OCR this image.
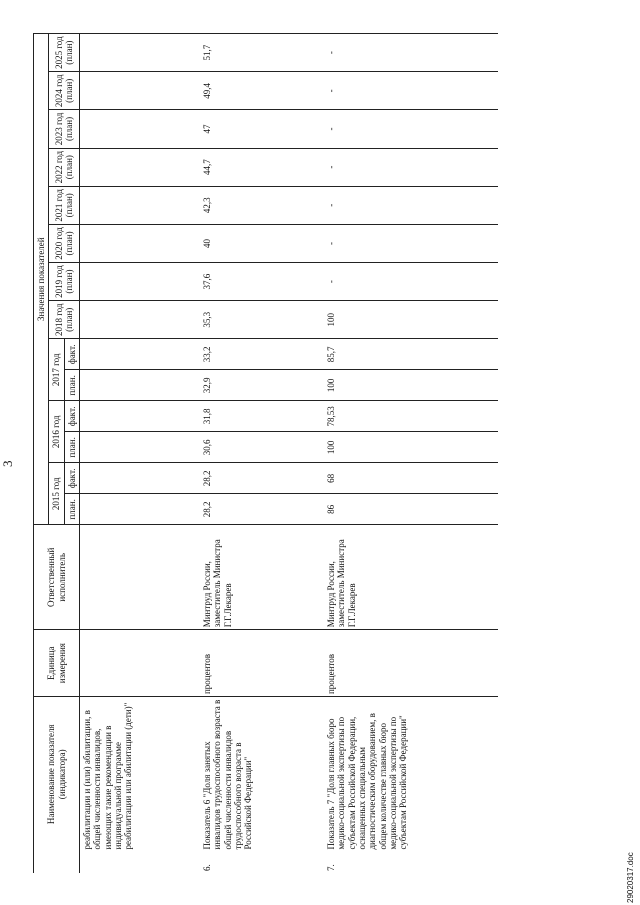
3
	Наименование показателя (индикатора)	Единица измерения	Ответственный исполнитель	Значения показателей													
				2015 год		2016 год		2017 год		2018 год (план)	2019 год (план)	2020 год (план)	2021 год (план)	2022 год (план)	2023 год (план)	2024 год (план)	2025 год (план)
				план.	факт.	план.	факт.	план.	факт.								
	реабилитации и (или) абилитации, в общей численности инвалидов, имеющих такие рекомендации в индивидуальной программе реабилитации или абилитации (дети)"																
6.	Показатель 6 "Доля занятых инвалидов трудоспособного возраста в общей численности инвалидов трудоспособного возраста в Российской Федерации"	процентов	Минтруд России, заместитель Министра Г.Г.Лекарев	28,2	28,2	30,6	31,8	32,9	33,2	35,3	37,6	40	42,3	44,7	47	49,4	51,7
7.	Показатель 7 "Доля главных бюро медико-социальной экспертизы по субъектам Российской Федерации, оснащенных специальным диагностическим оборудованием, в общем количестве главных бюро медико-социальной экспертизы по субъектам Российской Федерации"	процентов	Минтруд России, заместитель Министра Г.Г.Лекарев	86	68	100	78,53	100	85,7	100	-	-	-	-	-	-	-
29020317.doc
